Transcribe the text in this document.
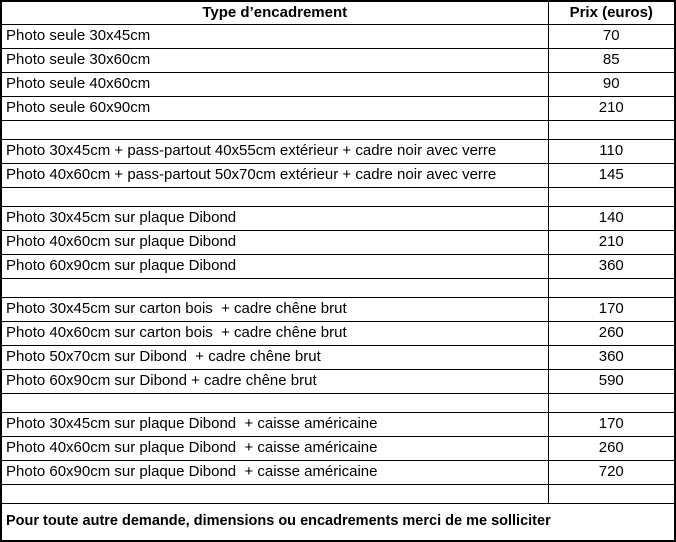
Type d’encadrement	Prix (euros)
Photo seule 30x45cm	70
Photo seule 30x60cm	85
Photo seule 40x60cm	90
Photo seule 60x90cm	210

Photo 30x45cm + pass-partout 40x55cm extérieur + cadre noir avec verre	110
Photo 40x60cm + pass-partout 50x70cm extérieur + cadre noir avec verre	145

Photo 30x45cm sur plaque Dibond	140
Photo 40x60cm sur plaque Dibond	210
Photo 60x90cm sur plaque Dibond	360

Photo 30x45cm sur carton bois  + cadre chêne brut	170
Photo 40x60cm sur carton bois  + cadre chêne brut	260
Photo 50x70cm sur Dibond  + cadre chêne brut	360
Photo 60x90cm sur Dibond + cadre chêne brut	590

Photo 30x45cm sur plaque Dibond  + caisse américaine	170
Photo 40x60cm sur plaque Dibond  + caisse américaine	260
Photo 60x90cm sur plaque Dibond  + caisse américaine	720

Pour toute autre demande, dimensions ou encadrements merci de me solliciter	
